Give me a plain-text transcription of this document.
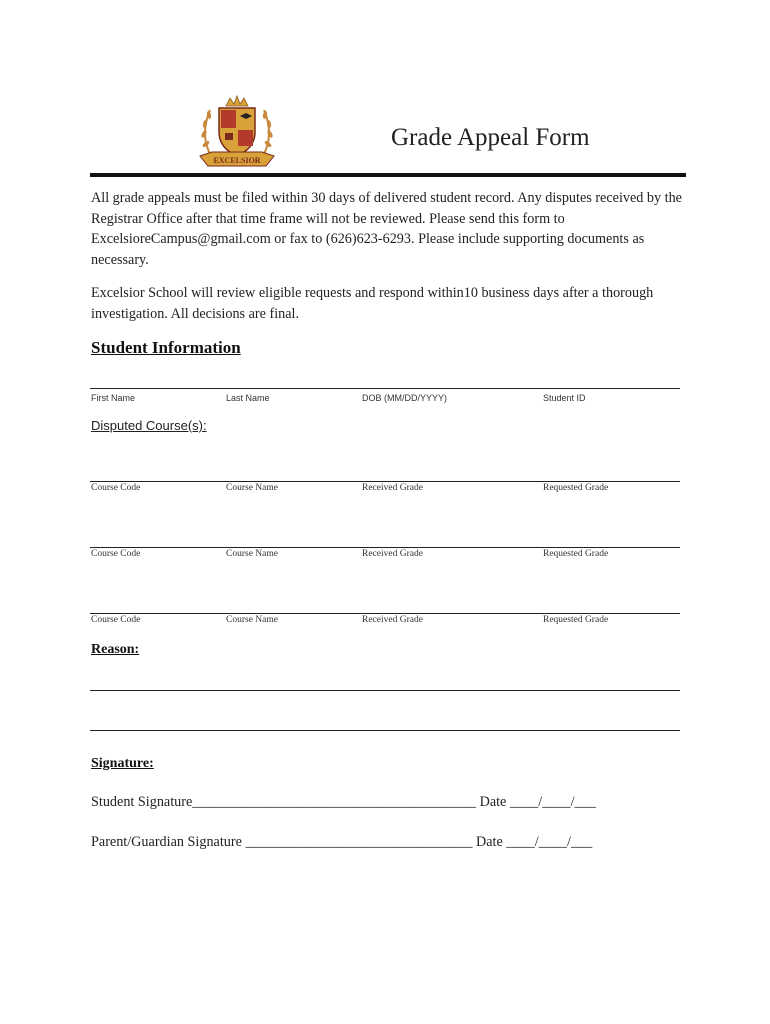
EXCELSIOR
Grade Appeal Form
All grade appeals must be filed within 30 days of delivered student record. Any disputes received by the Registrar Office after that time frame will not be reviewed. Please send this form to ExcelsioreCampus@gmail.com or fax to (626)623-6293. Please include supporting documents as necessary.
Excelsior School will review eligible requests and respond within10 business days after a thorough investigation. All decisions are final.
Student Information
First Name	Last Name	DOB (MM/DD/YYYY)	Student ID
Disputed Course(s):
Course Code	Course Name	Received Grade	Requested Grade
Course Code	Course Name	Received Grade	Requested Grade
Course Code	Course Name	Received Grade	Requested Grade
Reason:
Signature:
Student Signature________________________________________ Date ____/____/___
Parent/Guardian Signature ________________________________ Date ____/____/___
